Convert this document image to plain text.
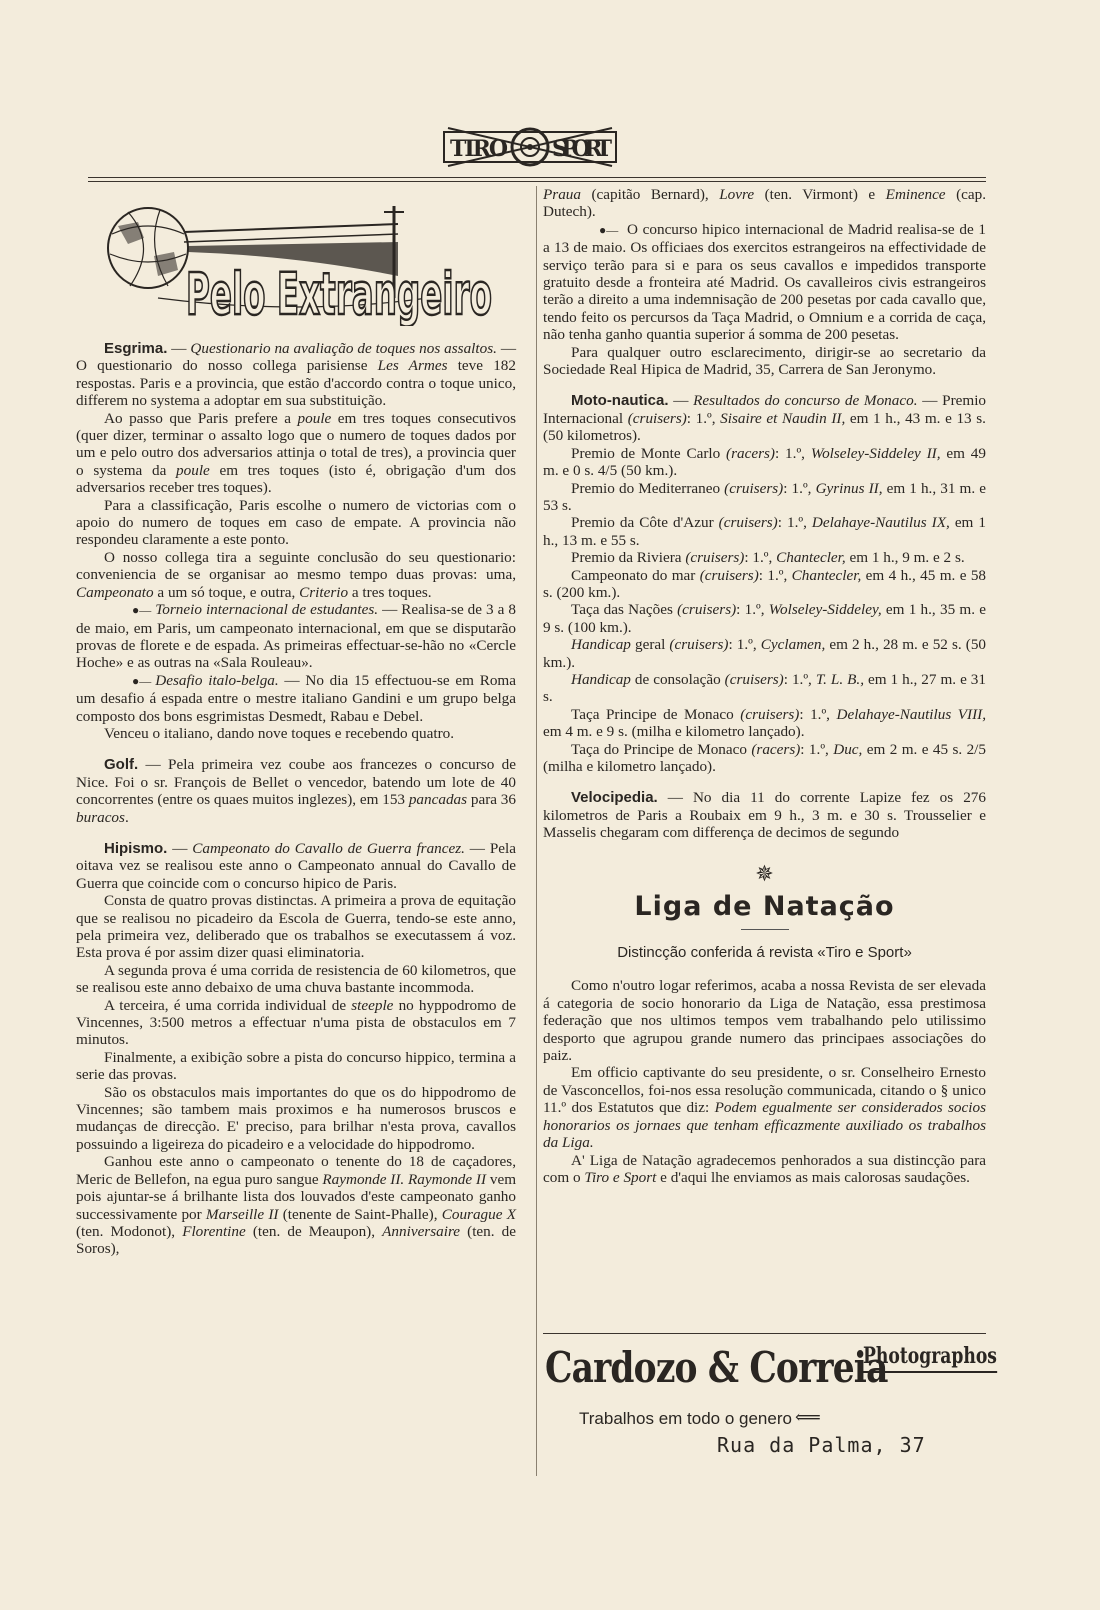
TIRO SPORT
Pelo Extrangeiro

Esgrima. — Questionario na avaliação de toques nos assaltos. — O questionario do nosso collega parisiense Les Armes teve 182 respostas. Paris e a provincia, que estão d'accordo contra o toque unico, differem no systema a adoptar em sua substituição.

Ao passo que Paris prefere a poule em tres toques consecutivos (quer dizer, terminar o assalto logo que o numero de toques dados por um e pelo outro dos adversarios attinja o total de tres), a provincia quer o systema da poule em tres toques (isto é, obrigação d'um dos adversarios receber tres toques).

Para a classificação, Paris escolhe o numero de victorias com o apoio do numero de toques em caso de empate. A provincia não respondeu claramente a este ponto.

O nosso collega tira a seguinte conclusão do seu questionario: conveniencia de se organisar ao mesmo tempo duas provas: uma, Campeonato a um só toque, e outra, Criterio a tres toques.

●— Torneio internacional de estudantes. — Realisa-se de 3 a 8 de maio, em Paris, um campeonato internacional, em que se disputarão provas de florete e de espada. As primeiras effectuar-se-hão no «Cercle Hoche» e as outras na «Sala Rouleau».

●— Desafio italo-belga. — No dia 15 effectuou-se em Roma um desafio á espada entre o mestre italiano Gandini e um grupo belga composto dos bons esgrimistas Desmedt, Rabau e Debel.

Venceu o italiano, dando nove toques e recebendo quatro.

Golf. — Pela primeira vez coube aos francezes o concurso de Nice. Foi o sr. François de Bellet o vencedor, batendo um lote de 40 concorrentes (entre os quaes muitos inglezes), em 153 pancadas para 36 buracos.

Hipismo. — Campeonato do Cavallo de Guerra francez. — Pela oitava vez se realisou este anno o Campeonato annual do Cavallo de Guerra que coincide com o concurso hipico de Paris.

Consta de quatro provas distinctas. A primeira a prova de equitação que se realisou no picadeiro da Escola de Guerra, tendo-se este anno, pela primeira vez, deliberado que os trabalhos se executassem á voz. Esta prova é por assim dizer quasi eliminatoria.

A segunda prova é uma corrida de resistencia de 60 kilometros, que se realisou este anno debaixo de uma chuva bastante incommoda.

A terceira, é uma corrida individual de steeple no hyppodromo de Vincennes, 3:500 metros a effectuar n'uma pista de obstaculos em 7 minutos.

Finalmente, a exibição sobre a pista do concurso hippico, termina a serie das provas.

São os obstaculos mais importantes do que os do hippodromo de Vincennes; são tambem mais proximos e ha numerosos bruscos e mudanças de direcção. E' preciso, para brilhar n'esta prova, cavallos possuindo a ligeireza do picadeiro e a velocidade do hippodromo.

Ganhou este anno o campeonato o tenente do 18 de caçadores, Meric de Bellefon, na egua puro sangue Raymonde II. Raymonde II vem pois ajuntar-se á brilhante lista dos louvados d'este campeonato ganho successivamente por Marseille II (tenente de Saint-Phalle), Courague X (ten. Modonot), Florentine (ten. de Meaupon), Anniversaire (ten. de Soros),

Praua (capitão Bernard), Lovre (ten. Virmont) e Eminence (cap. Dutech).

●— O concurso hipico internacional de Madrid realisa-se de 1 a 13 de maio. Os officiaes dos exercitos estrangeiros na effectividade de serviço terão para si e para os seus cavallos e impedidos transporte gratuito desde a fronteira até Madrid. Os cavalleiros civis estrangeiros terão a direito a uma indemnisação de 200 pesetas por cada cavallo que, tendo feito os percursos da Taça Madrid, o Omnium e a corrida de caça, não tenha ganho quantia superior á somma de 200 pesetas.

Para qualquer outro esclarecimento, dirigir-se ao secretario da Sociedade Real Hipica de Madrid, 35, Carrera de San Jeronymo.

Moto-nautica. — Resultados do concurso de Monaco. — Premio Internacional (cruisers): 1.º, Sisaire et Naudin II, em 1 h., 43 m. e 13 s. (50 kilometros).

Premio de Monte Carlo (racers): 1.º, Wolseley-Siddeley II, em 49 m. e 0 s. 4/5 (50 km.).

Premio do Mediterraneo (cruisers): 1.º, Gyrinus II, em 1 h., 31 m. e 53 s.

Premio da Côte d'Azur (cruisers): 1.º, Delahaye-Nautilus IX, em 1 h., 13 m. e 55 s.

Premio da Riviera (cruisers): 1.º, Chantecler, em 1 h., 9 m. e 2 s.

Campeonato do mar (cruisers): 1.º, Chantecler, em 4 h., 45 m. e 58 s. (200 km.).

Taça das Nações (cruisers): 1.º, Wolseley-Siddeley, em 1 h., 35 m. e 9 s. (100 km.).

Handicap geral (cruisers): 1.º, Cyclamen, em 2 h., 28 m. e 52 s. (50 km.).

Handicap de consolação (cruisers): 1.º, T. L. B., em 1 h., 27 m. e 31 s.

Taça Principe de Monaco (cruisers): 1.º, Delahaye-Nautilus VIII, em 4 m. e 9 s. (milha e kilometro lançado).

Taça do Principe de Monaco (racers): 1.º, Duc, em 2 m. e 45 s. 2/5 (milha e kilometro lançado).

Velocipedia. — No dia 11 do corrente Lapize fez os 276 kilometros de Paris a Roubaix em 9 h., 3 m. e 30 s. Trousselier e Masselis chegaram com differença de decimos de segundo

✵
Liga de Natação
Distincção conferida á revista «Tiro e Sport»

Como n'outro logar referimos, acaba a nossa Revista de ser elevada á categoria de socio honorario da Liga de Natação, essa prestimosa federação que nos ultimos tempos vem trabalhando pelo utilissimo desporto que agrupou grande numero das principaes associações do paiz.

Em officio captivante do seu presidente, o sr. Conselheiro Ernesto de Vasconcellos, foi-nos essa resolução communicada, citando o § unico 11.º dos Estatutos que diz: Podem egualmente ser considerados socios honorarios os jornaes que tenham efficazmente auxiliado os trabalhos da Liga.

A' Liga de Natação agradecemos penhorados a sua distincção para com o Tiro e Sport e d'aqui lhe enviamos as mais calorosas saudações.

Cardozo & Correia
Photographos
Trabalhos em todo o genero ⟸
Rua da Palma, 37
